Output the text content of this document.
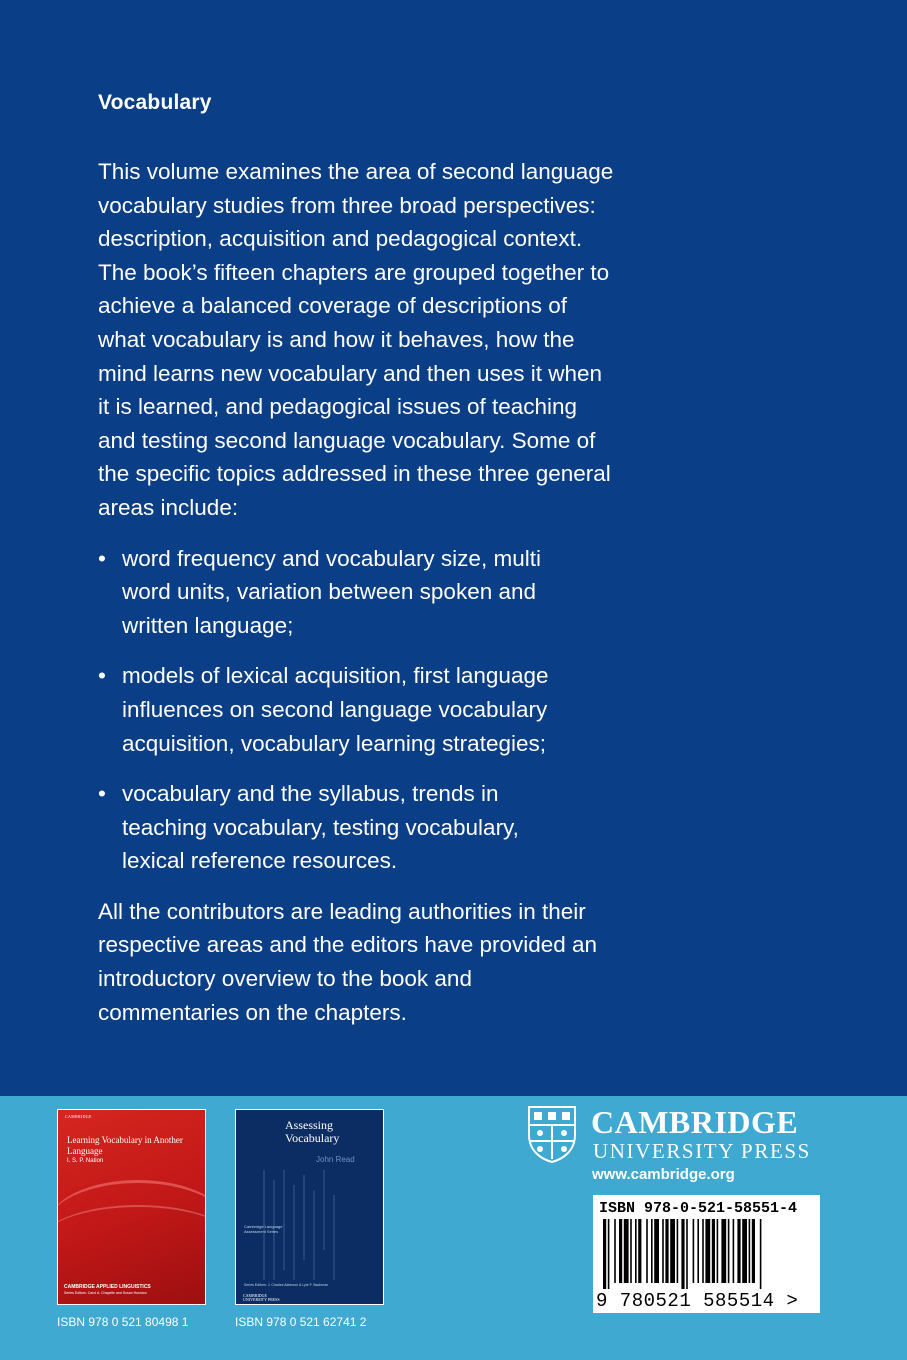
Vocabulary

This volume examines the area of second language vocabulary studies from three broad perspectives: description, acquisition and pedagogical context. The book’s fifteen chapters are grouped together to achieve a balanced coverage of descriptions of what vocabulary is and how it behaves, how the mind learns new vocabulary and then uses it when it is learned, and pedagogical issues of teaching and testing second language vocabulary. Some of the specific topics addressed in these three general areas include:

• word frequency and vocabulary size, multi word units, variation between spoken and written language;
• models of lexical acquisition, first language influences on second language vocabulary acquisition, vocabulary learning strategies;
• vocabulary and the syllabus, trends in teaching vocabulary, testing vocabulary, lexical reference resources.

All the contributors are leading authorities in their respective areas and the editors have provided an introductory overview to the book and commentaries on the chapters.

CAMBRIDGE
Learning Vocabulary in Another Language
I. S. P. Nation
CAMBRIDGE APPLIED LINGUISTICS
Series Editors: Carol A. Chapelle and Susan Hunston
ISBN 978 0 521 80498 1
Assessing Vocabulary
John Read
Cambridge Language Assessment Series
Series Editors: J. Charles Alderson & Lyle F. Bachman
CAMBRIDGE
UNIVERSITY PRESS
ISBN 978 0 521 62741 2
CAMBRIDGE
UNIVERSITY PRESS
www.cambridge.org
ISBN 978-0-521-58551-4
9 780521 585514 >
